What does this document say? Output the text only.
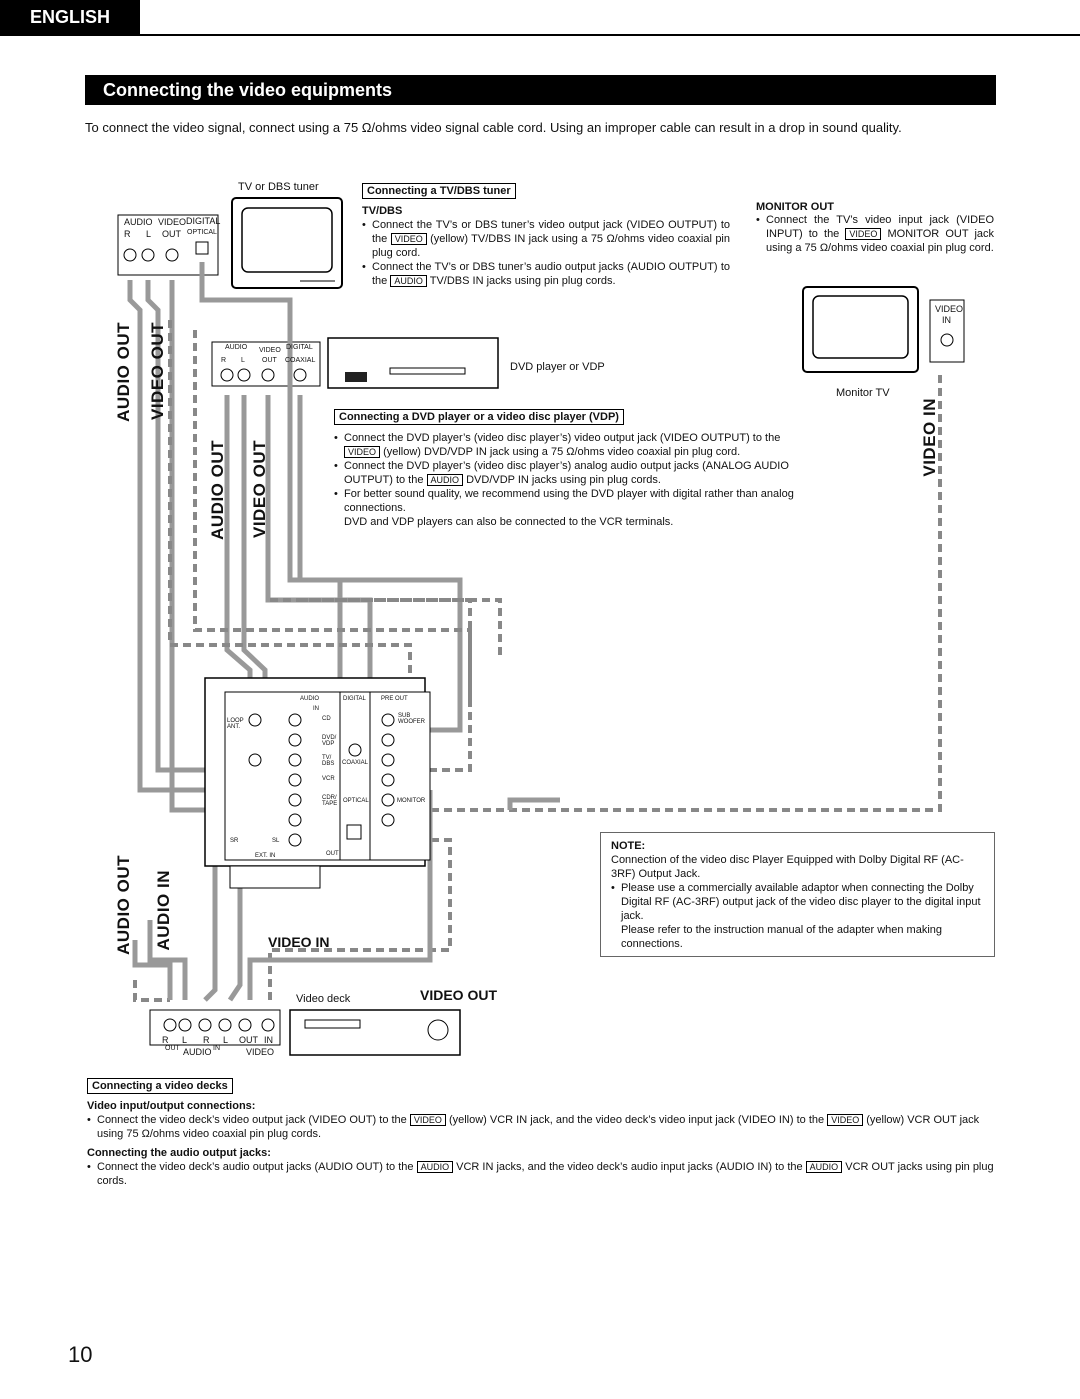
ENGLISH
Connecting the video equipments
To connect the video signal, connect using a 75 Ω/ohms video signal cable cord. Using an improper cable can result in a drop in sound quality.
AUDIO VIDEO DIGITAL
R L OUT OPTICAL
TV or DBS tuner	Connecting a TV/DBS tuner
TV/DBS
• Connect the TV’s or DBS tuner’s video output jack (VIDEO OUTPUT) to the VIDEO (yellow) TV/DBS IN jack using a 75 Ω/ohms video coaxial pin plug cord.
• Connect the TV’s or DBS tuner’s audio output jacks (AUDIO OUTPUT) to the AUDIO TV/DBS IN jacks using pin plug cords.
MONITOR OUT
• Connect the TV’s video input jack (VIDEO INPUT) to the VIDEO MONITOR OUT jack using a 75 Ω/ohms video coaxial pin plug cord.
VIDEO
IN
Monitor TV
VIDEO IN
AUDIO VIDEO DIGITAL
R L OUT COAXIAL
AUDIO OUT VIDEO OUT
AUDIO OUT VIDEO OUT
AUDIO OUT AUDIO IN	VIDEO IN
VIDEO OUT
DVD player or VDP
Connecting a DVD player or a video disc player (VDP)
• Connect the DVD player’s (video disc player’s) video output jack (VIDEO OUTPUT) to the VIDEO (yellow) DVD/VDP IN jack using a 75 Ω/ohms video coaxial pin plug cord.
• Connect the DVD player’s (video disc player’s) analog audio output jacks (ANALOG AUDIO OUTPUT) to the AUDIO DVD/VDP IN jacks using pin plug cords.
• For better sound quality, we recommend using the DVD player with digital rather than analog connections.
DVD and VDP players can also be connected to the VCR terminals.
AUDIO	DIGITAL	PRE OUT
CD
DVD/ VDP
TV/ DBS
VCR
CDR/ TAPE
COAXIAL
OPTICAL
SUB WOOFER
MONITOR
EXT. IN	OUT
IN
LOOP ANT.
SR	SL
Video deck
R L R L OUT IN
OUT	IN
AUDIO	VIDEO
Connecting a video decks
Video input/output connections:
• Connect the video deck’s video output jack (VIDEO OUT) to the VIDEO (yellow) VCR IN jack, and the video deck’s video input jack (VIDEO IN) to the VIDEO (yellow) VCR OUT jack using 75 Ω/ohms video coaxial pin plug cords.
Connecting the audio output jacks:
• Connect the video deck’s audio output jacks (AUDIO OUT) to the AUDIO VCR IN jacks, and the video deck’s audio input jacks (AUDIO IN) to the AUDIO VCR OUT jacks using pin plug cords.
NOTE:
Connection of the video disc Player Equipped with Dolby Digital RF (AC-3RF) Output Jack.
• Please use a commercially available adaptor when connecting the Dolby Digital RF (AC-3RF) output jack of the video disc player to the digital input jack.
Please refer to the instruction manual of the adapter when making connections.
10
